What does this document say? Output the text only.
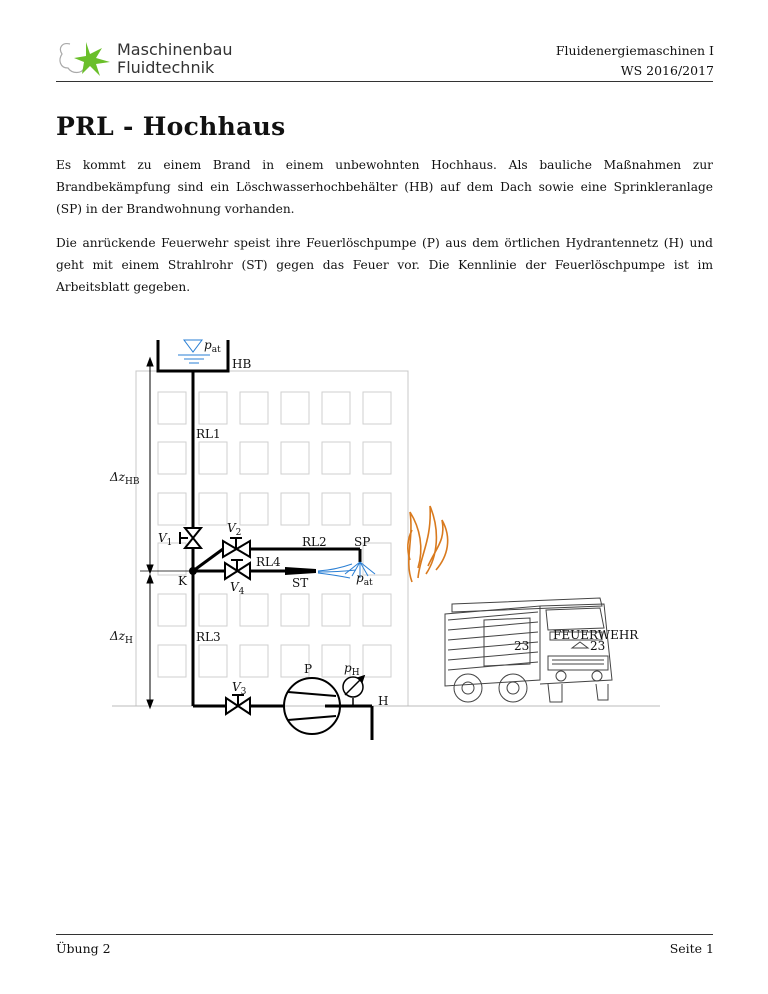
Maschinenbau
Fluidtechnik
Fluidenergiemaschinen I
WS 2016/2017
PRL - Hochhaus

Es kommt zu einem Brand in einem unbewohnten Hochhaus. Als bauliche Maßnahmen zur Brandbekämpfung sind ein Löschwasserhochbehälter (HB) auf dem Dach sowie eine Sprinkleranlage (SP) in der Brandwohnung vorhanden.

Die anrückende Feuerwehr speist ihre Feuerlöschpumpe (P) aus dem örtlichen Hydrantennetz (H) und geht mit einem Strahlrohr (ST) gegen das Feuer vor. Die Kennlinie der Feuerlöschpumpe ist im Arbeitsblatt gegeben.

$p_{at}$
HB
$\Delta z_{HB}$
$\Delta z_H$
$V_1$
$V_2$
$V_4$
$V_3$
RL1
RL2
RL4
RL3
SP
ST	$p_{at}$
K
P	$p_H$
H
FEUERWEHR
23	23
Übung 2	Seite 1
